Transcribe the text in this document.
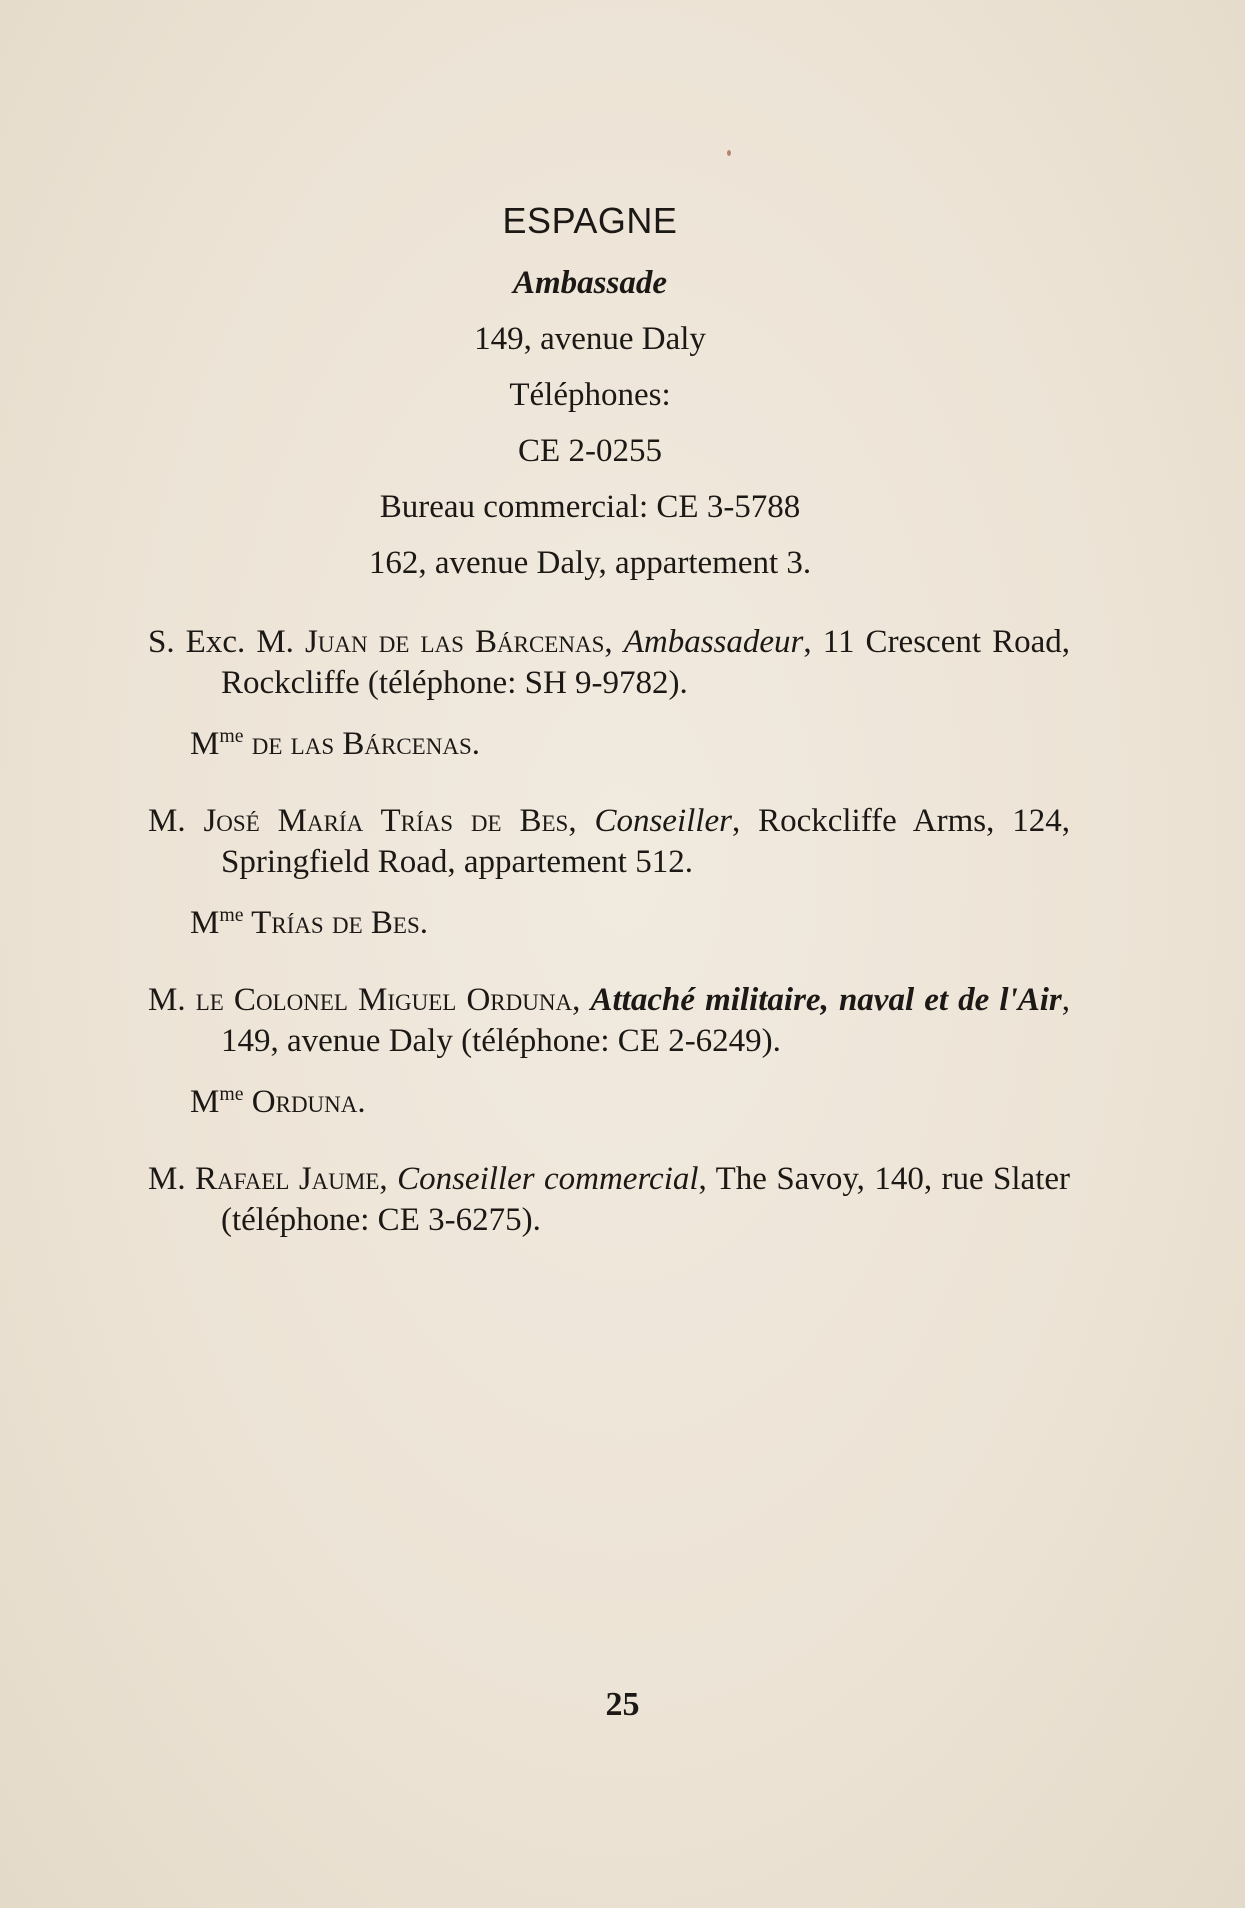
ESPAGNE
Ambassade
149, avenue Daly
Téléphones:
CE 2-0255
Bureau commercial: CE 3-5788
162, avenue Daly, appartement 3.

S. Exc. M. Juan de las Bárcenas, Ambassadeur, 11 Crescent Road, Rockcliffe (téléphone: SH 9-9782).

$M^{me}$ de las Bárcenas.

M. José María Trías de Bes, Conseiller, Rockcliffe Arms, 124, Springfield Road, appartement 512.

$M^{me}$ Trías de Bes.

M. le Colonel Miguel Orduna, Attaché militaire, naval et de l'Air, 149, avenue Daly (téléphone: CE 2-6249).

$M^{me}$ Orduna.

M. Rafael Jaume, Conseiller commercial, The Savoy, 140, rue Slater (téléphone: CE 3-6275).

25
